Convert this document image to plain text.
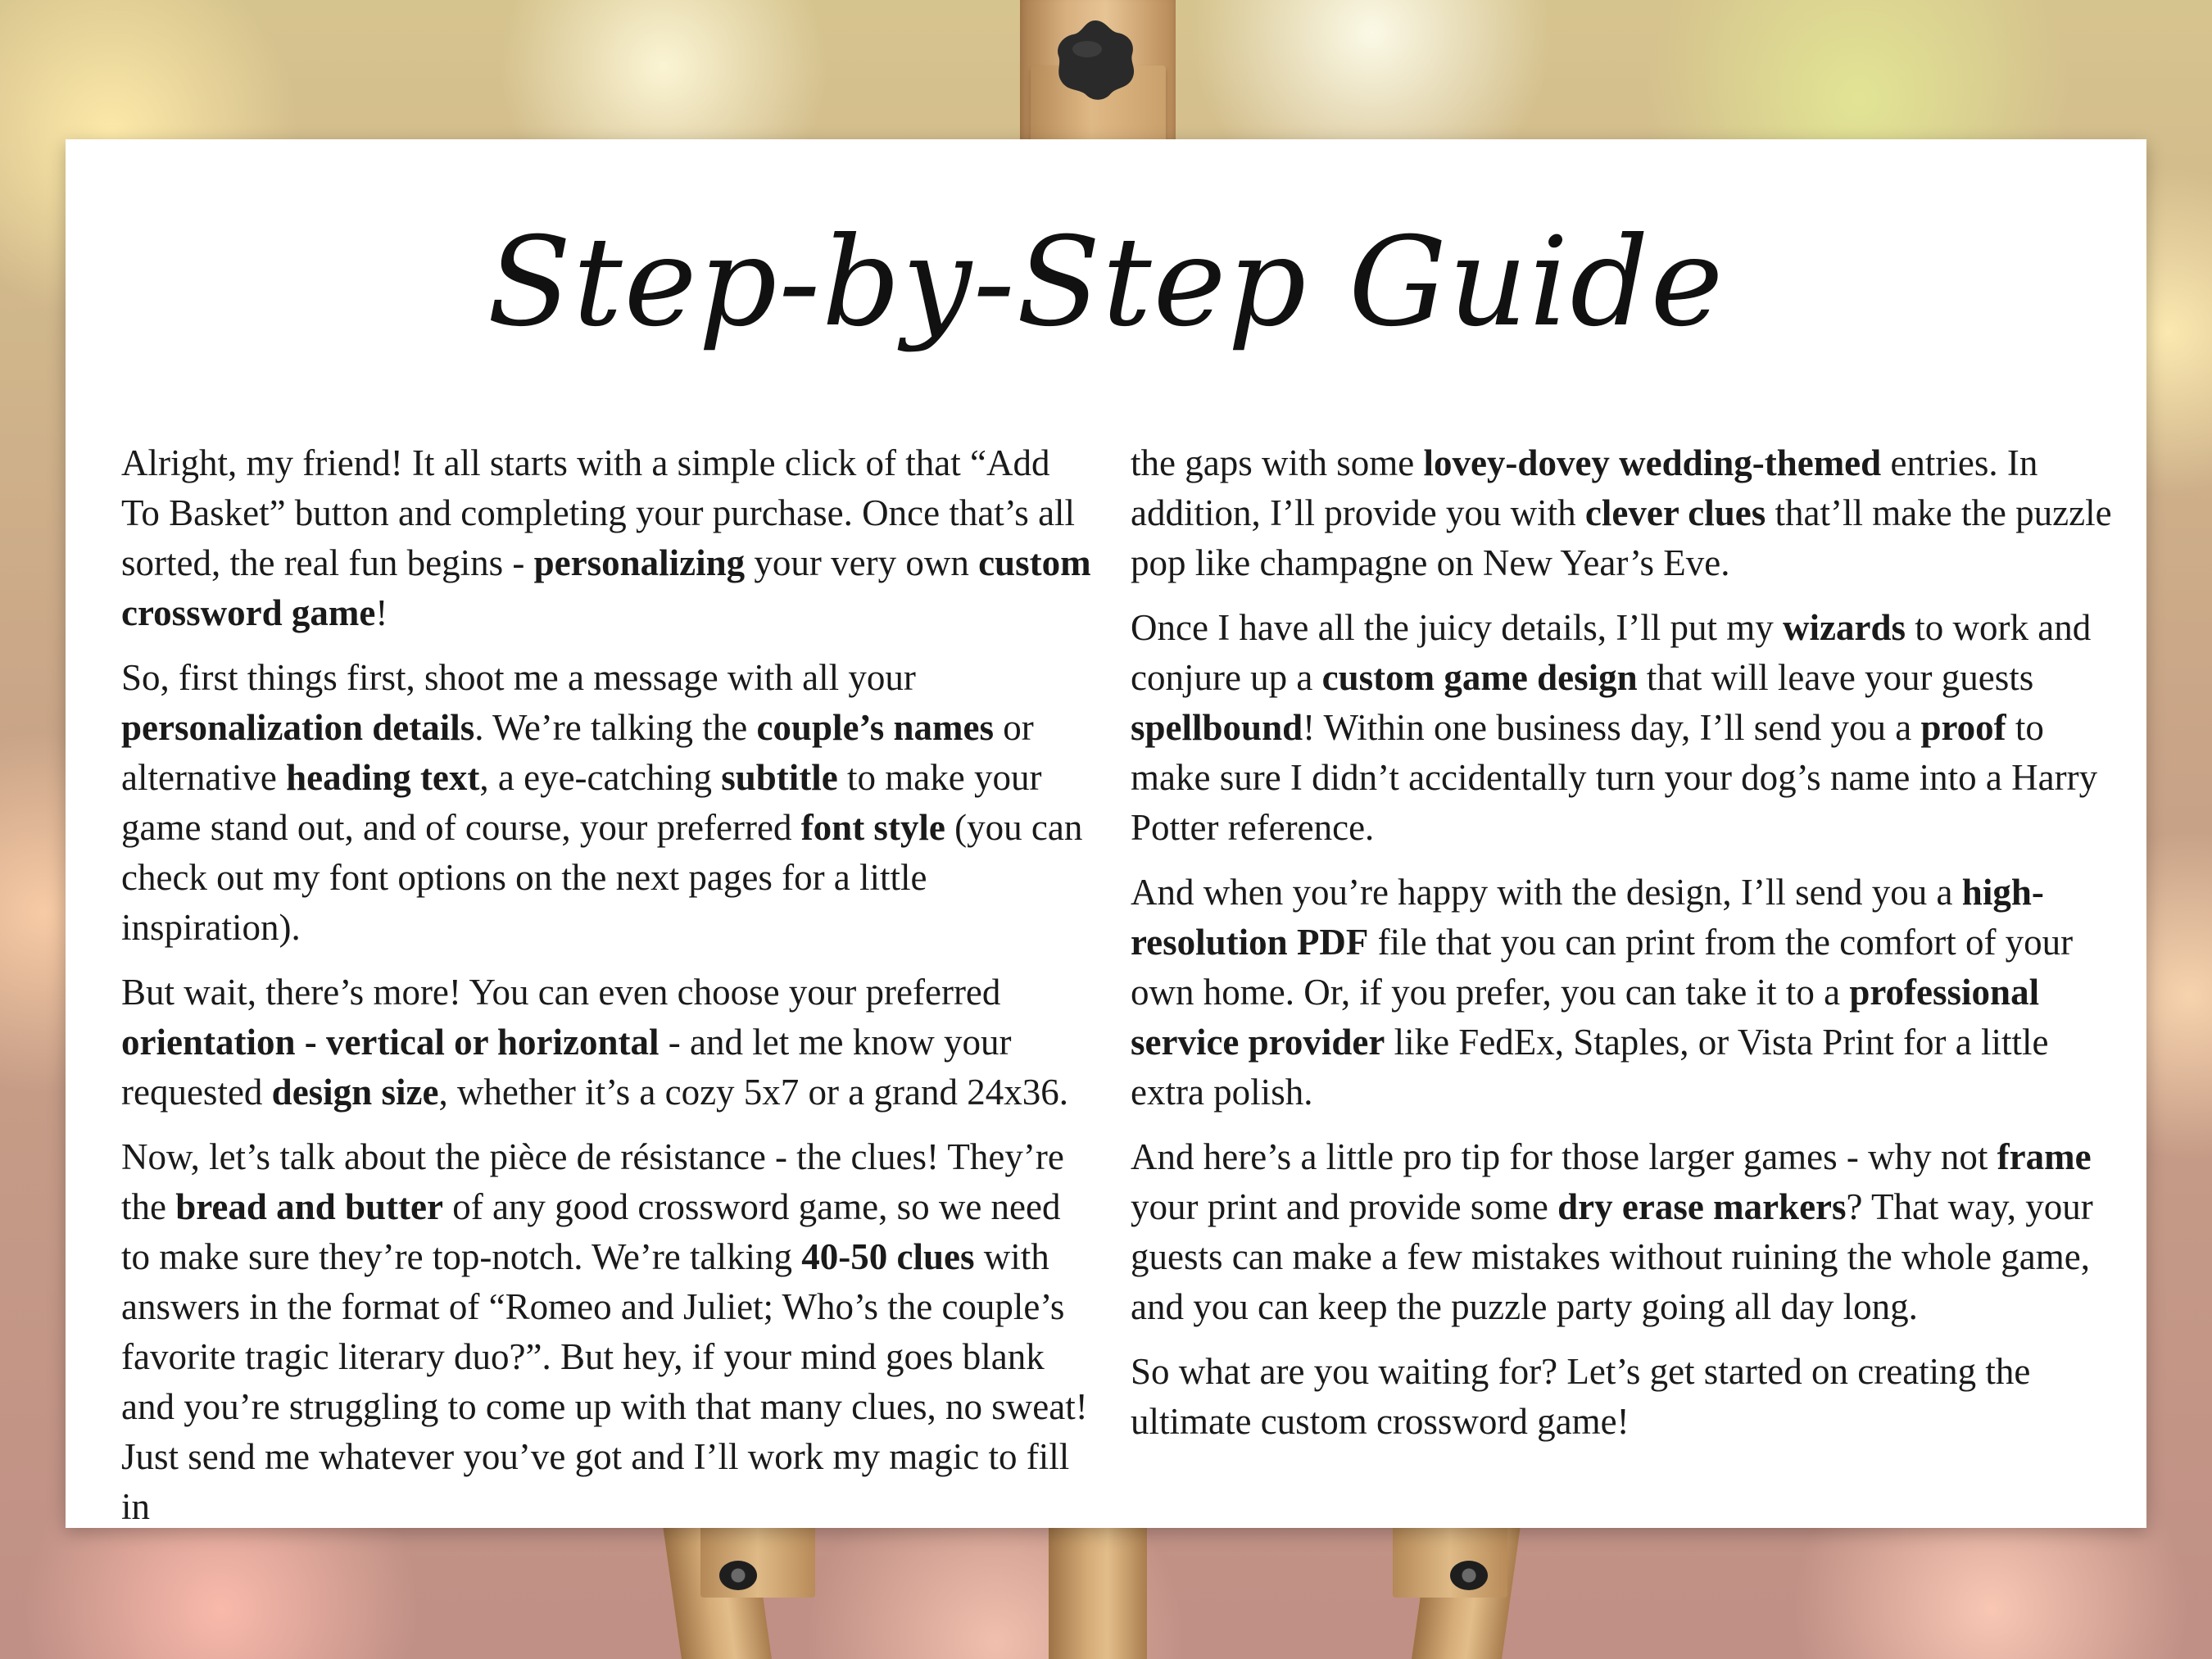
Step-by-Step Guide

Alright, my friend! It all starts with a simple click of that “Add To Basket” button and completing your purchase. Once that’s all sorted, the real fun begins - personalizing your very own custom crossword game!

So, first things first, shoot me a message with all your personalization details. We’re talking the couple’s names or alternative heading text, a eye-catching subtitle to make your game stand out, and of course, your preferred font style (you can check out my font options on the next pages for a little inspiration).

But wait, there’s more! You can even choose your preferred orientation - vertical or horizontal - and let me know your requested design size, whether it’s a cozy 5x7 or a grand 24x36.

Now, let’s talk about the pièce de résistance - the clues! They’re the bread and butter of any good crossword game, so we need to make sure they’re top-notch. We’re talking 40-50 clues with answers in the format of “Romeo and Juliet; Who’s the couple’s favorite tragic literary duo?”. But hey, if your mind goes blank and you’re struggling to come up with that many clues, no sweat! Just send me whatever you’ve got and I’ll work my magic to fill in

the gaps with some lovey-dovey wedding-themed entries. In addition, I’ll provide you with clever clues that’ll make the puzzle pop like champagne on New Year’s Eve.

Once I have all the juicy details, I’ll put my wizards to work and conjure up a custom game design that will leave your guests spellbound! Within one business day, I’ll send you a proof to make sure I didn’t accidentally turn your dog’s name into a Harry Potter reference.

And when you’re happy with the design, I’ll send you a high-resolution PDF file that you can print from the comfort of your own home. Or, if you prefer, you can take it to a professional service provider like FedEx, Staples, or Vista Print for a little extra polish.

And here’s a little pro tip for those larger games - why not frame your print and provide some dry erase markers? That way, your guests can make a few mistakes without ruining the whole game, and you can keep the puzzle party going all day long.

So what are you waiting for? Let’s get started on creating the ultimate custom crossword game!
